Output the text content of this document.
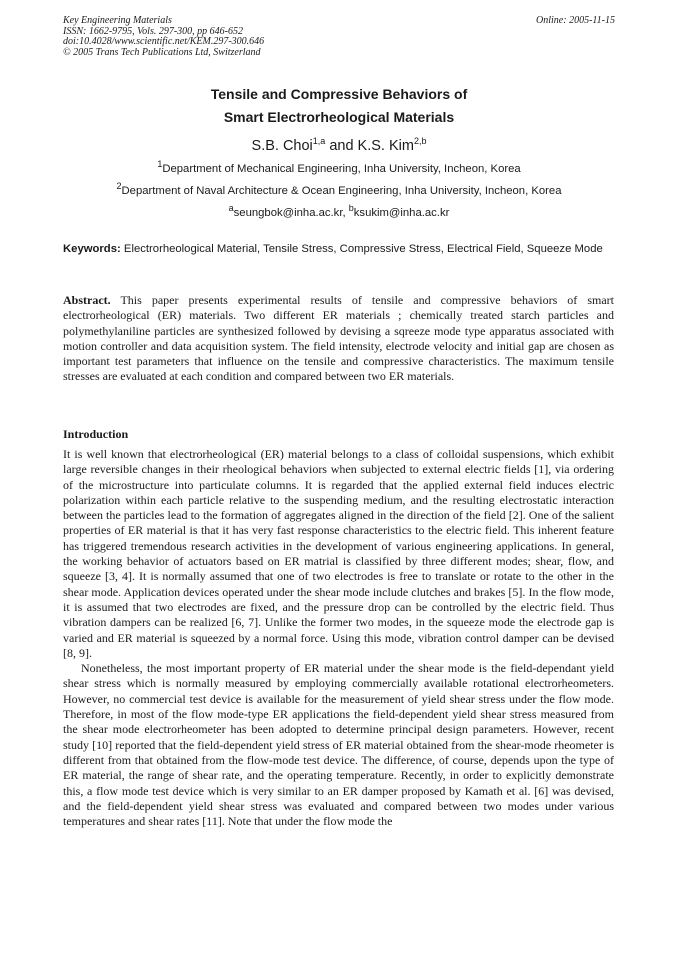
Key Engineering Materials
ISSN: 1662-9795, Vols. 297-300, pp 646-652
doi:10.4028/www.scientific.net/KEM.297-300.646
© 2005 Trans Tech Publications Ltd, Switzerland
Online: 2005-11-15
Tensile and Compressive Behaviors of
Smart Electrorheological Materials
S.B. Choi$^{1,a}$ and K.S. Kim$^{2,b}$
$^1$Department of Mechanical Engineering, Inha University, Incheon, Korea
$^2$Department of Naval Architecture & Ocean Engineering, Inha University, Incheon, Korea
$^a$seungbok@inha.ac.kr, $^b$ksukim@inha.ac.kr
Keywords: Electrorheological Material, Tensile Stress, Compressive Stress, Electrical Field, Squeeze Mode
Abstract. This paper presents experimental results of tensile and compressive behaviors of smart electrorheological (ER) materials. Two different ER materials ; chemically treated starch particles and polymethylaniline particles are synthesized followed by devising a sqreeze mode type apparatus associated with motion controller and data acquisition system. The field intensity, electrode velocity and initial gap are chosen as important test parameters that influence on the tensile and compressive characteristics. The maximum tensile stresses are evaluated at each condition and compared between two ER materials.
Introduction

It is well known that electrorheological (ER) material belongs to a class of colloidal suspensions, which exhibit large reversible changes in their rheological behaviors when subjected to external electric fields [1], via ordering of the microstructure into particulate columns. It is regarded that the applied external field induces electric polarization within each particle relative to the suspending medium, and the resulting electrostatic interaction between the particles lead to the formation of aggregates aligned in the direction of the field [2]. One of the salient properties of ER material is that it has very fast response characteristics to the electric field. This inherent feature has triggered tremendous research activities in the development of various engineering applications. In general, the working behavior of actuators based on ER matrial is classified by three different modes; shear, flow, and squeeze [3, 4]. It is normally assumed that one of two electrodes is free to translate or rotate to the other in the shear mode. Application devices operated under the shear mode include clutches and brakes [5]. In the flow mode, it is assumed that two electrodes are fixed, and the pressure drop can be controlled by the electric field. Thus vibration dampers can be realized [6, 7]. Unlike the former two modes, in the squeeze mode the electrode gap is varied and ER material is squeezed by a normal force. Using this mode, vibration control damper can be devised [8, 9].

Nonetheless, the most important property of ER material under the shear mode is the field-dependant yield shear stress which is normally measured by employing commercially available rotational electrorheometers. However, no commercial test device is available for the measurement of yield shear stress under the flow mode. Therefore, in most of the flow mode-type ER applications the field-dependent yield shear stress measured from the shear mode electrorheometer has been adopted to determine principal design parameters. However, recent study [10] reported that the field-dependent yield stress of ER material obtained from the shear-mode rheometer is different from that obtained from the flow-mode test device. The difference, of course, depends upon the type of ER material, the range of shear rate, and the operating temperature. Recently, in order to explicitly demonstrate this, a flow mode test device which is very similar to an ER damper proposed by Kamath et al. [6] was devised, and the field-dependent yield shear stress was evaluated and compared between two modes under various temperatures and shear rates [11]. Note that under the flow mode the
